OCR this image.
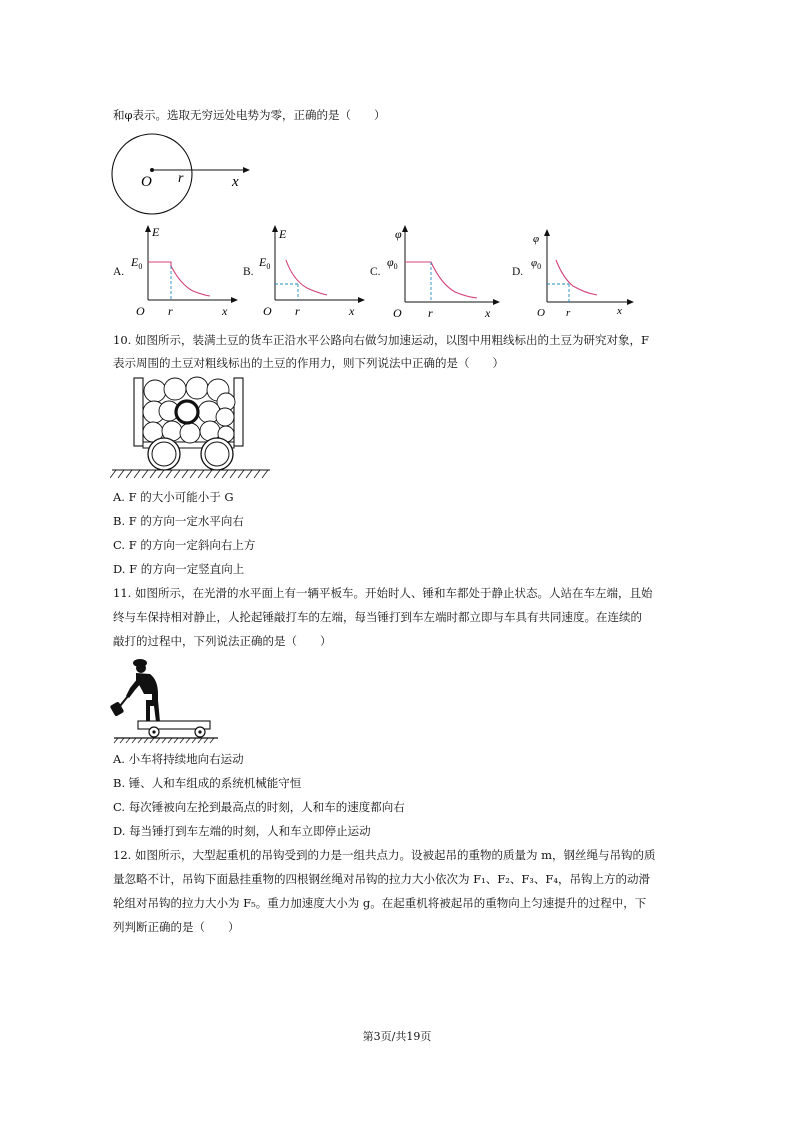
和φ表示。选取无穷远处电势为零，正确的是（　　）
O r	x
A.
E
$E_0$
O r	x
B.
E
$E_0$
O r	x
C.
φ
$\varphi_0$
O r	x
D.
φ
$\varphi_0$
O r	x
10. 如图所示，装满土豆的货车正沿水平公路向右做匀加速运动，以图中用粗线标出的土豆为研究对象，F
表示周围的土豆对粗线标出的土豆的作用力，则下列说法中正确的是（　　）
A. F 的大小可能小于 G
B. F 的方向一定水平向右
C. F 的方向一定斜向右上方
D. F 的方向一定竖直向上
11. 如图所示，在光滑的水平面上有一辆平板车。开始时人、锤和车都处于静止状态。人站在车左端，且始
终与车保持相对静止，人抡起锤敲打车的左端，每当锤打到车左端时都立即与车具有共同速度。在连续的
敲打的过程中，下列说法正确的是（　　）
A. 小车将持续地向右运动
B. 锤、人和车组成的系统机械能守恒
C. 每次锤被向左抡到最高点的时刻，人和车的速度都向右
D. 每当锤打到车左端的时刻，人和车立即停止运动
12. 如图所示，大型起重机的吊钩受到的力是一组共点力。设被起吊的重物的质量为 m，钢丝绳与吊钩的质
量忽略不计，吊钩下面悬挂重物的四根钢丝绳对吊钩的拉力大小依次为 F₁、F₂、F₃、F₄，吊钩上方的动滑
轮组对吊钩的拉力大小为 F₅。重力加速度大小为 g。在起重机将被起吊的重物向上匀速提升的过程中，下
列判断正确的是（　　）
第3页/共19页
